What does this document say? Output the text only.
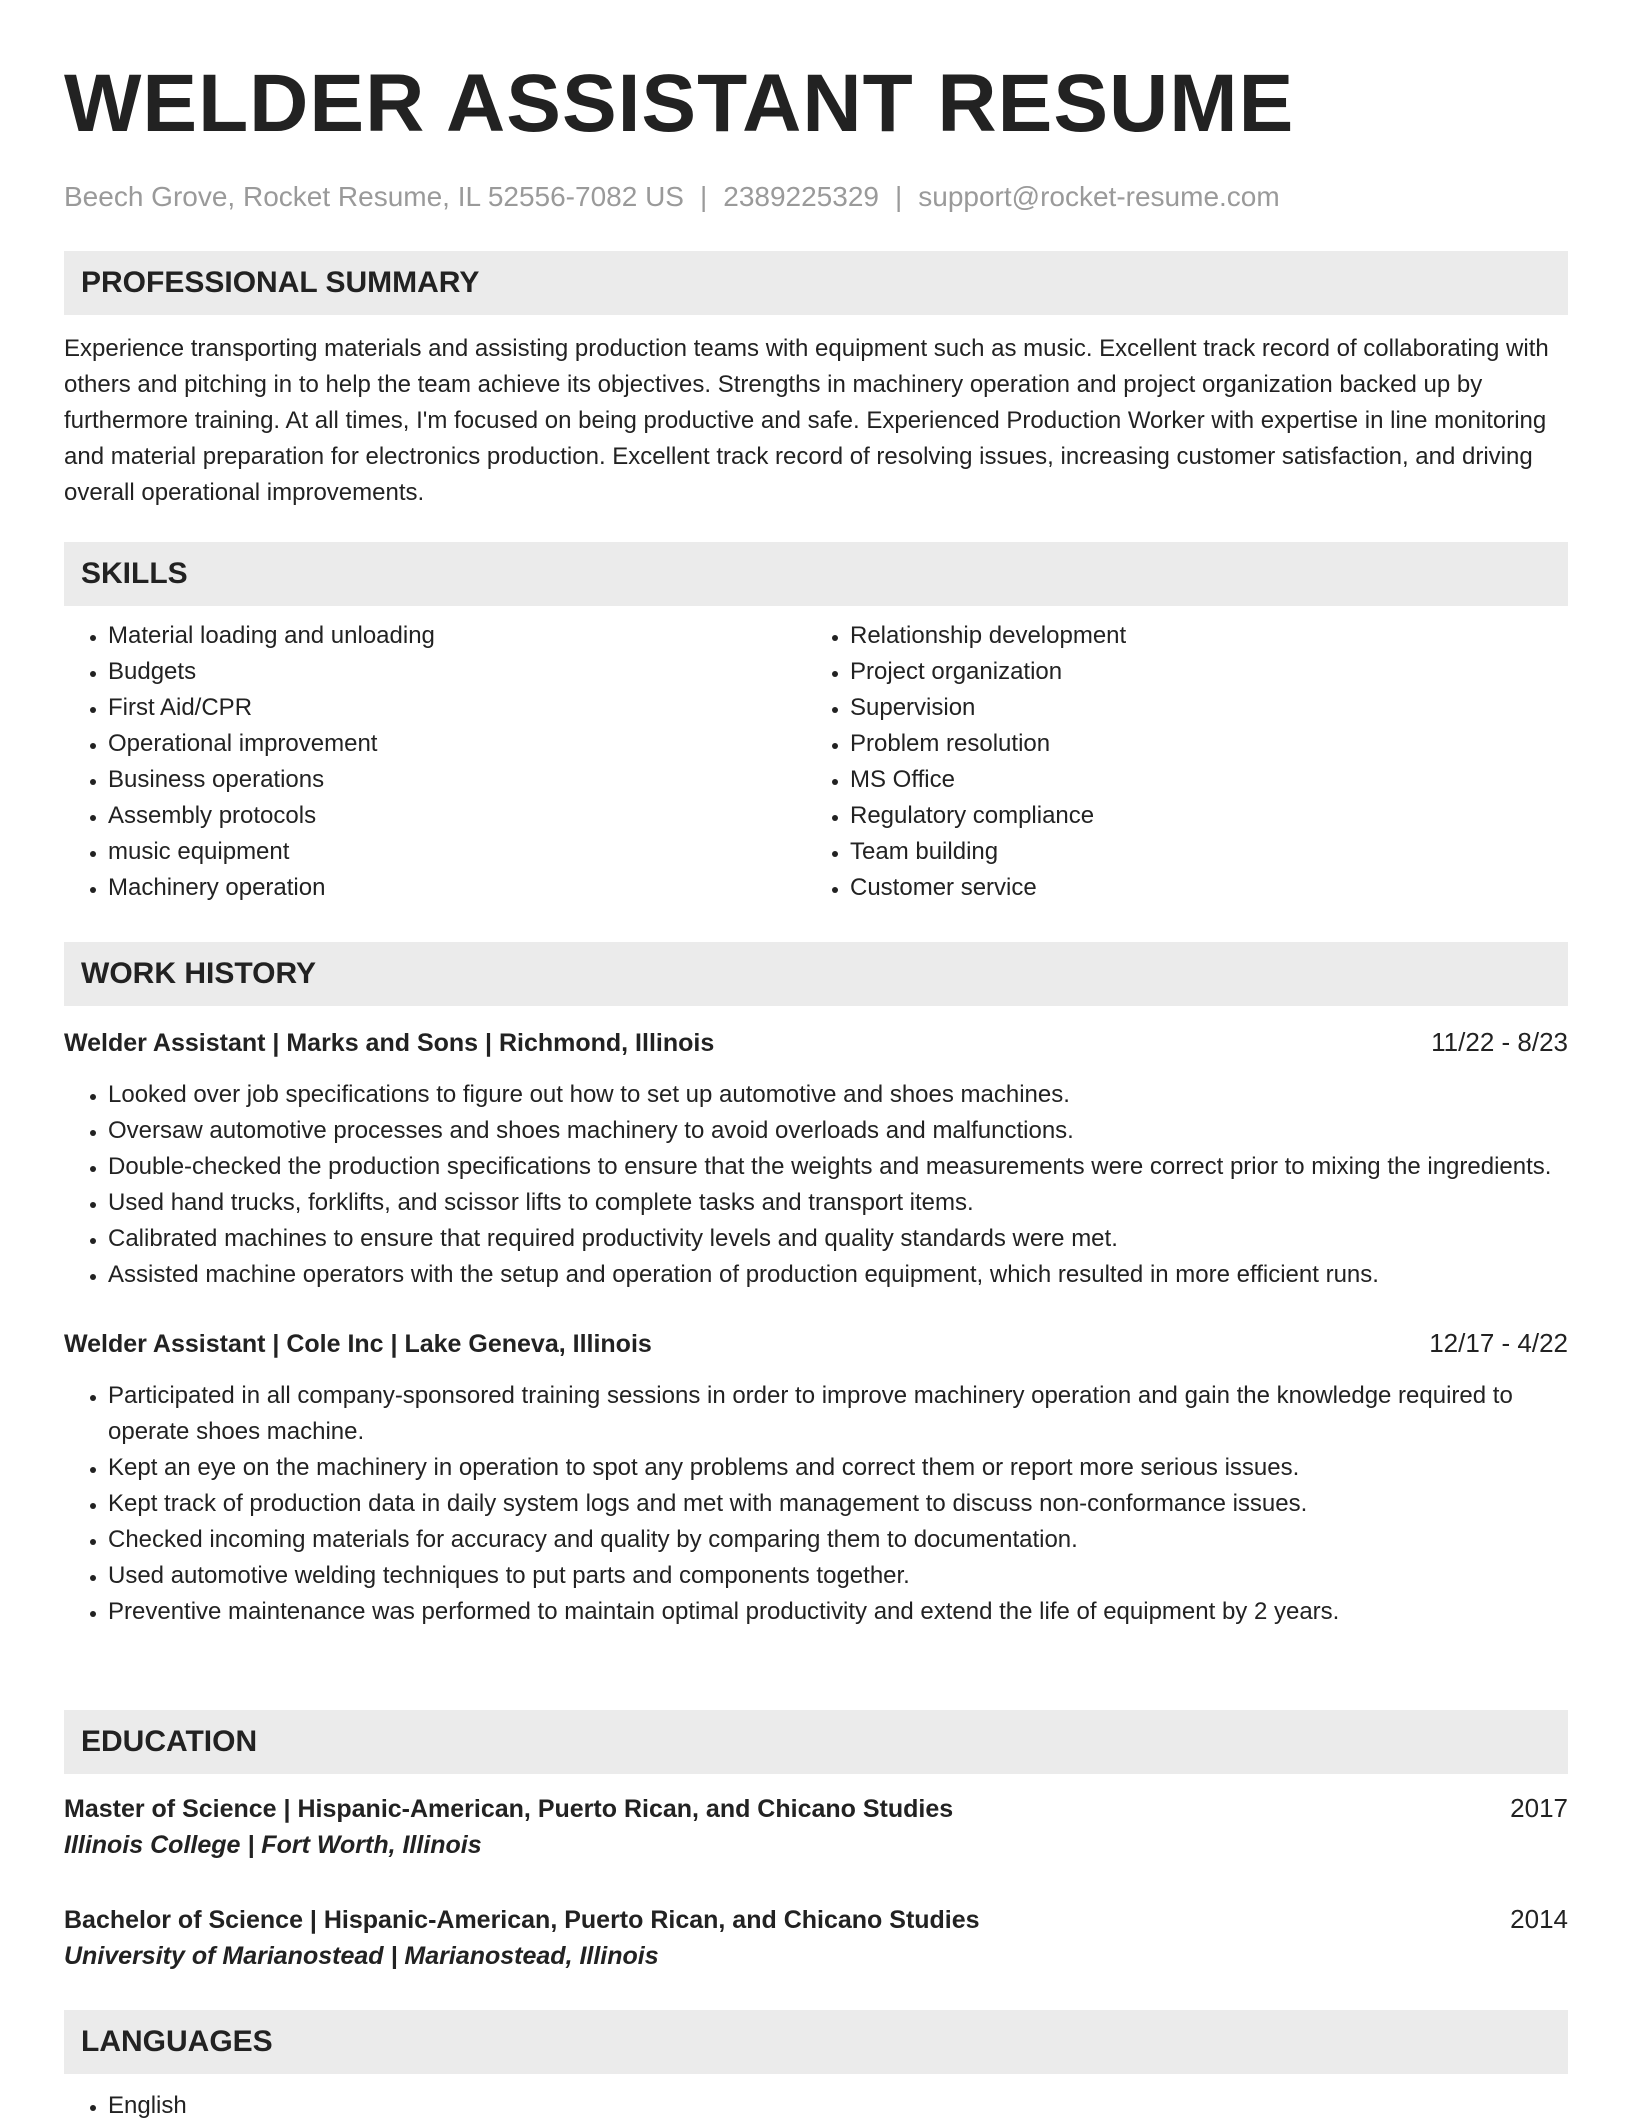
WELDER ASSISTANT RESUME
Beech Grove, Rocket Resume, IL 52556-7082 US | 2389225329 | support@rocket-resume.com
PROFESSIONAL SUMMARY
Experience transporting materials and assisting production teams with equipment such as music. Excellent track record of collaborating with others and pitching in to help the team achieve its objectives. Strengths in machinery operation and project organization backed up by furthermore training. At all times, I'm focused on being productive and safe. Experienced Production Worker with expertise in line monitoring and material preparation for electronics production. Excellent track record of resolving issues, increasing customer satisfaction, and driving overall operational improvements.
SKILLS
• Material loading and unloading
• Budgets
• First Aid/CPR
• Operational improvement
• Business operations
• Assembly protocols
• music equipment
• Machinery operation
• Relationship development
• Project organization
• Supervision
• Problem resolution
• MS Office
• Regulatory compliance
• Team building
• Customer service
WORK HISTORY
Welder Assistant | Marks and Sons | Richmond, Illinois	11/22 - 8/23
• Looked over job specifications to figure out how to set up automotive and shoes machines.
• Oversaw automotive processes and shoes machinery to avoid overloads and malfunctions.
• Double-checked the production specifications to ensure that the weights and measurements were correct prior to mixing the ingredients.
• Used hand trucks, forklifts, and scissor lifts to complete tasks and transport items.
• Calibrated machines to ensure that required productivity levels and quality standards were met.
• Assisted machine operators with the setup and operation of production equipment, which resulted in more efficient runs.
Welder Assistant | Cole Inc | Lake Geneva, Illinois	12/17 - 4/22
• Participated in all company-sponsored training sessions in order to improve machinery operation and gain the knowledge required to operate shoes machine.
• Kept an eye on the machinery in operation to spot any problems and correct them or report more serious issues.
• Kept track of production data in daily system logs and met with management to discuss non-conformance issues.
• Checked incoming materials for accuracy and quality by comparing them to documentation.
• Used automotive welding techniques to put parts and components together.
• Preventive maintenance was performed to maintain optimal productivity and extend the life of equipment by 2 years.
EDUCATION
Master of Science | Hispanic-American, Puerto Rican, and Chicano Studies	2017
Illinois College | Fort Worth, Illinois
Bachelor of Science | Hispanic-American, Puerto Rican, and Chicano Studies	2014
University of Marianostead | Marianostead, Illinois
LANGUAGES
• English
